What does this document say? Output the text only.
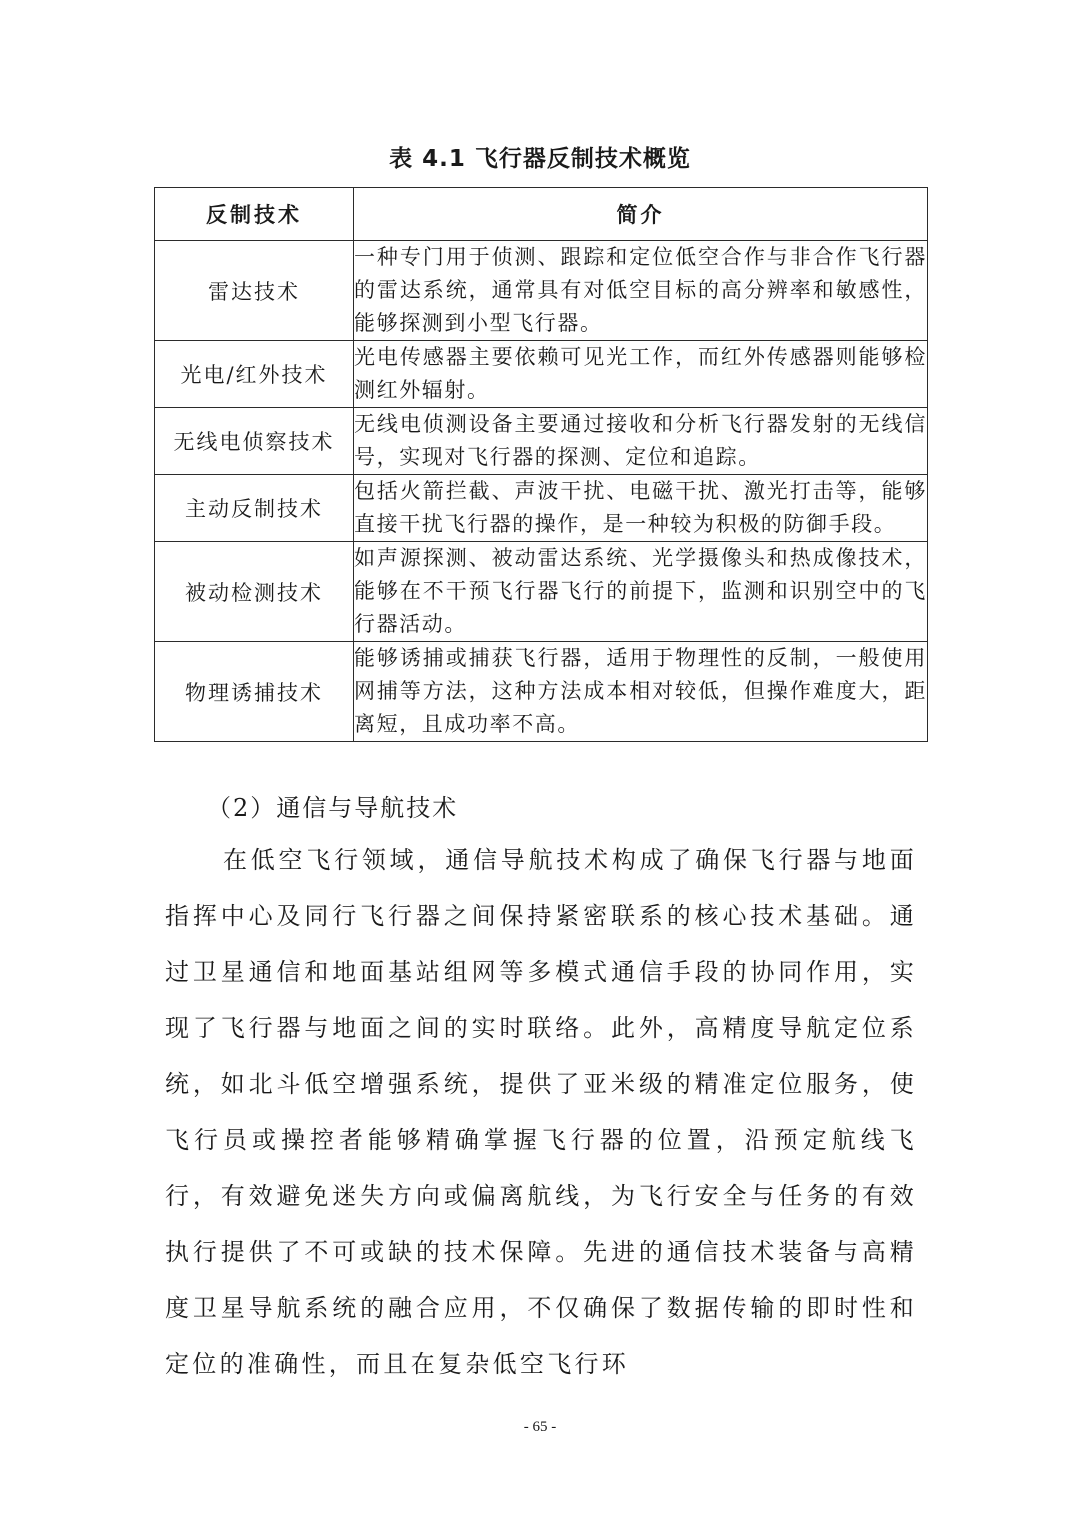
表 4.1 飞行器反制技术概览
反制技术	简介
雷达技术	一种专门用于侦测、跟踪和定位低空合作与非合作飞行器的雷达系统，通常具有对低空目标的高分辨率和敏感性，能够探测到小型飞行器。
光电/红外技术	光电传感器主要依赖可见光工作，而红外传感器则能够检测红外辐射。
无线电侦察技术	无线电侦测设备主要通过接收和分析飞行器发射的无线信号，实现对飞行器的探测、定位和追踪。
主动反制技术	包括火箭拦截、声波干扰、电磁干扰、激光打击等，能够直接干扰飞行器的操作，是一种较为积极的防御手段。
被动检测技术	如声源探测、被动雷达系统、光学摄像头和热成像技术，能够在不干预飞行器飞行的前提下，监测和识别空中的飞行器活动。
物理诱捕技术	能够诱捕或捕获飞行器，适用于物理性的反制，一般使用网捕等方法，这种方法成本相对较低，但操作难度大，距离短，且成功率不高。
（2）通信与导航技术

在低空飞行领域，通信导航技术构成了确保飞行器与地面指挥中心及同行飞行器之间保持紧密联系的核心技术基础。通过卫星通信和地面基站组网等多模式通信手段的协同作用，实现了飞行器与地面之间的实时联络。此外，高精度导航定位系统，如北斗低空增强系统，提供了亚米级的精准定位服务，使飞行员或操控者能够精确掌握飞行器的位置，沿预定航线飞行，有效避免迷失方向或偏离航线，为飞行安全与任务的有效执行提供了不可或缺的技术保障。先进的通信技术装备与高精度卫星导航系统的融合应用，不仅确保了数据传输的即时性和定位的准确性，而且在复杂低空飞行环

- 65 -
